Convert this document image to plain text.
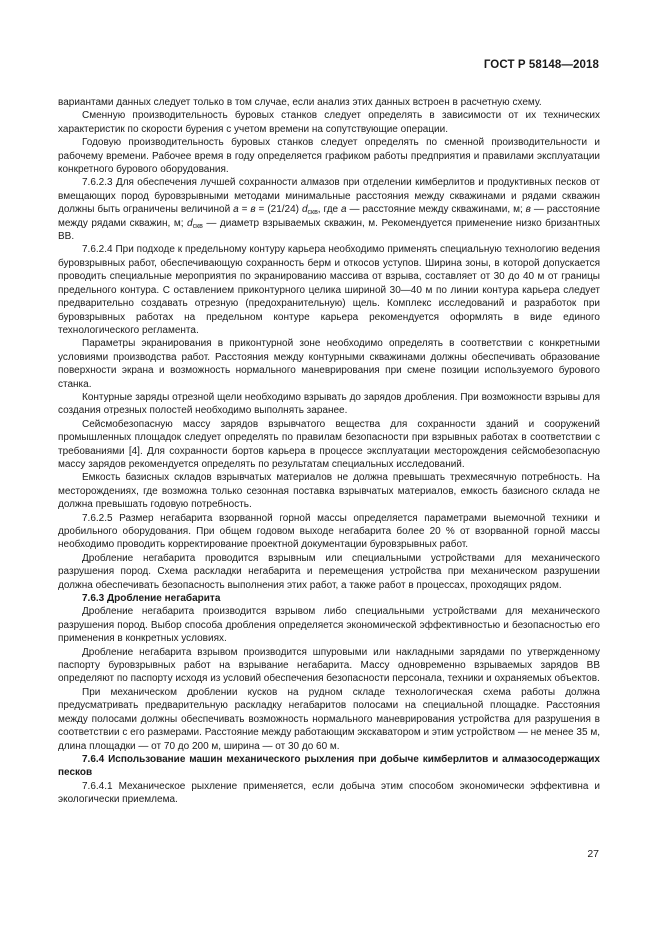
ГОСТ Р 58148—2018

вариантами данных следует только в том случае, если анализ этих данных встроен в расчетную схему.

Сменную производительность буровых станков следует определять в зависимости от их технических характеристик по скорости бурения с учетом времени на сопутствующие операции.

Годовую производительность буровых станков следует определять по сменной производительности и рабочему времени. Рабочее время в году определяется графиком работы предприятия и правилами эксплуатации конкретного бурового оборудования.

7.6.2.3 Для обеспечения лучшей сохранности алмазов при отделении кимберлитов и продуктивных песков от вмещающих пород буровзрывными методами минимальные расстояния между скважинами и рядами скважин должны быть ограничены величиной а = в = (21/24) $d_{скв}$, где а — расстояние между скважинами, м; в — расстояние между рядами скважин, м; $d_{скв}$ — диаметр взрываемых скважин, м. Рекомендуется применение низко бризантных ВВ.

7.6.2.4 При подходе к предельному контуру карьера необходимо применять специальную технологию ведения буровзрывных работ, обеспечивающую сохранность берм и откосов уступов. Ширина зоны, в которой допускается проводить специальные мероприятия по экранированию массива от взрыва, составляет от 30 до 40 м от границы предельного контура. С оставлением приконтурного целика шириной 30—40 м по линии контура карьера следует предварительно создавать отрезную (предохранительную) щель. Комплекс исследований и разработок при буровзрывных работах на предельном контуре карьера рекомендуется оформлять в виде единого технологического регламента.

Параметры экранирования в приконтурной зоне необходимо определять в соответствии с конкретными условиями производства работ. Расстояния между контурными скважинами должны обеспечивать образование поверхности экрана и возможность нормального маневрирования при смене позиции используемого бурового станка.

Контурные заряды отрезной щели необходимо взрывать до зарядов дробления. При возможности взрывы для создания отрезных полостей необходимо выполнять заранее.

Сейсмобезопасную массу зарядов взрывчатого вещества для сохранности зданий и сооружений промышленных площадок следует определять по правилам безопасности при взрывных работах в соответствии с требованиями [4]. Для сохранности бортов карьера в процессе эксплуатации месторождения сейсмобезопасную массу зарядов рекомендуется определять по результатам специальных исследований.

Емкость базисных складов взрывчатых материалов не должна превышать трехмесячную потребность. На месторождениях, где возможна только сезонная поставка взрывчатых материалов, емкость базисного склада не должна превышать годовую потребность.

7.6.2.5 Размер негабарита взорванной горной массы определяется параметрами выемочной техники и дробильного оборудования. При общем годовом выходе негабарита более 20 % от взорванной горной массы необходимо проводить корректирование проектной документации буровзрывных работ.

Дробление негабарита проводится взрывным или специальными устройствами для механического разрушения пород. Схема раскладки негабарита и перемещения устройства при механическом разрушении должна обеспечивать безопасность выполнения этих работ, а также работ в процессах, проходящих рядом.

7.6.3 Дробление негабарита

Дробление негабарита производится взрывом либо специальными устройствами для механического разрушения пород. Выбор способа дробления определяется экономической эффективностью и безопасностью его применения в конкретных условиях.

Дробление негабарита взрывом производится шпуровыми или накладными зарядами по утвержденному паспорту буровзрывных работ на взрывание негабарита. Массу одновременно взрываемых зарядов ВВ определяют по паспорту исходя из условий обеспечения безопасности персонала, техники и охраняемых объектов.

При механическом дроблении кусков на рудном складе технологическая схема работы должна предусматривать предварительную раскладку негабаритов полосами на специальной площадке. Расстояния между полосами должны обеспечивать возможность нормального маневрирования устройства для разрушения в соответствии с его размерами. Расстояние между работающим экскаватором и этим устройством — не менее 35 м, длина площадки — от 70 до 200 м, ширина — от 30 до 60 м.

7.6.4 Использование машин механического рыхления при добыче кимберлитов и алмазосодержащих песков

7.6.4.1 Механическое рыхление применяется, если добыча этим способом экономически эффективна и экологически приемлема.

27
